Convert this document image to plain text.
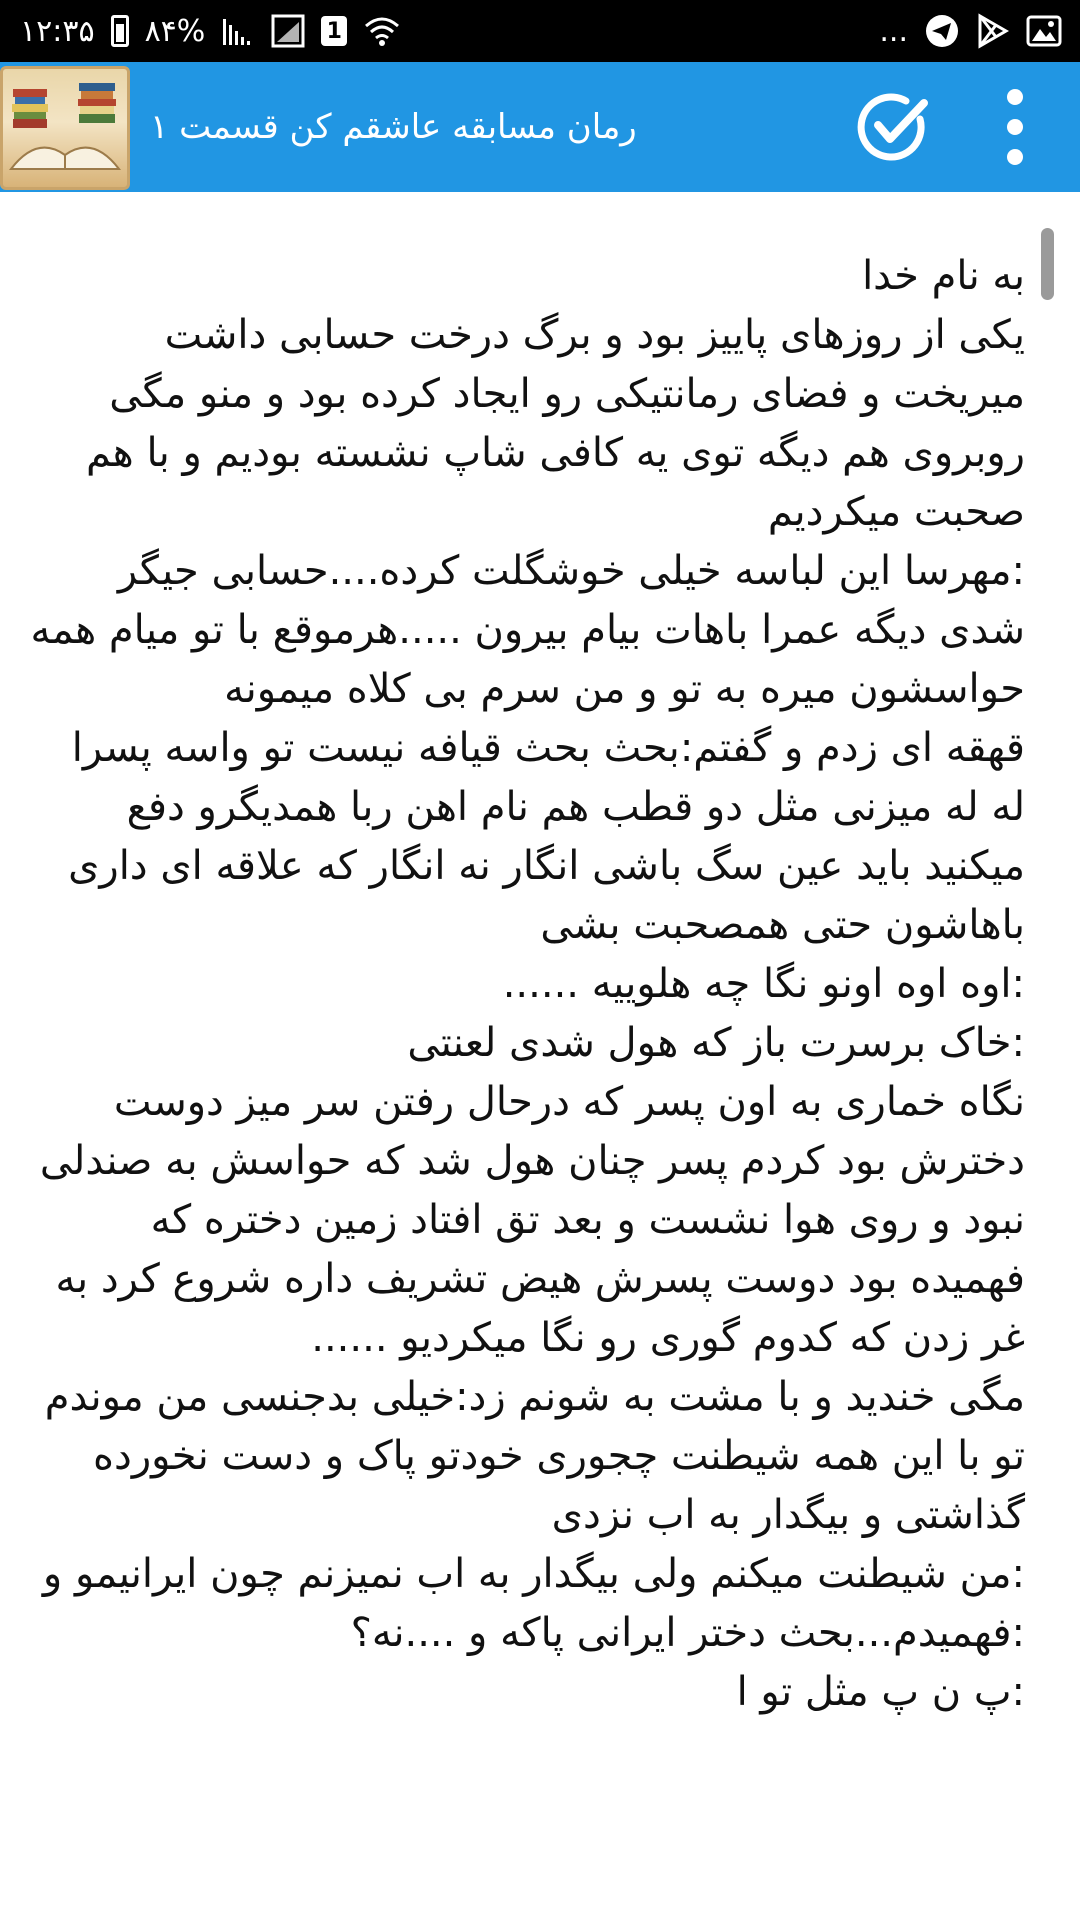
۱۲:۳۵ ۸۴%	1	...
رمان مسابقه عاشقم کن قسمت ۱
به نام خدا
یکی از روزهای پاییز بود و برگ درخت حسابی داشت میریخت و فضای رمانتیکی رو ایجاد کرده بود و منو مگی روبروی هم دیگه توی یه کافی شاپ نشسته بودیم و با هم صحبت میکردیم
:مهرسا این لباسه خیلی خوشگلت کرده....حسابی جیگر شدی دیگه عمرا باهات بیام بیرون .....هرموقع با تو میام همه حواسشون میره به تو و من سرم بی کلاه میمونه
قهقه ای زدم و گفتم:بحث بحث قیافه نیست تو واسه پسرا له له میزنی مثل دو قطب هم نام اهن ربا همدیگرو دفع میکنید باید عین سگ باشی انگار نه انگار که علاقه ای داری باهاشون حتی همصحبت بشی
:اوه اوه اونو نگا چه هلوییه ......
:خاک برسرت باز که هول شدی لعنتی
نگاه خماری به اون پسر که درحال رفتن سر میز دوست دخترش بود کردم پسر چنان هول شد که حواسش به صندلی نبود و روی هوا نشست و بعد تق افتاد زمین دختره که فهمیده بود دوست پسرش هیض تشریف داره شروع کرد به غر زدن که کدوم گوری رو نگا میکردیو ......
مگی خندید و با مشت به شونم زد:خیلی بدجنسی من موندم تو با این همه شیطنت چجوری خودتو پاک و دست نخورده گذاشتی و بیگدار به اب نزدی
:من شیطنت میکنم ولی بیگدار به اب نمیزنم چون ایرانیمو و
:فهمیدم...بحث دختر ایرانی پاکه و ....نه؟
:پ ن پ مثل تو ا
